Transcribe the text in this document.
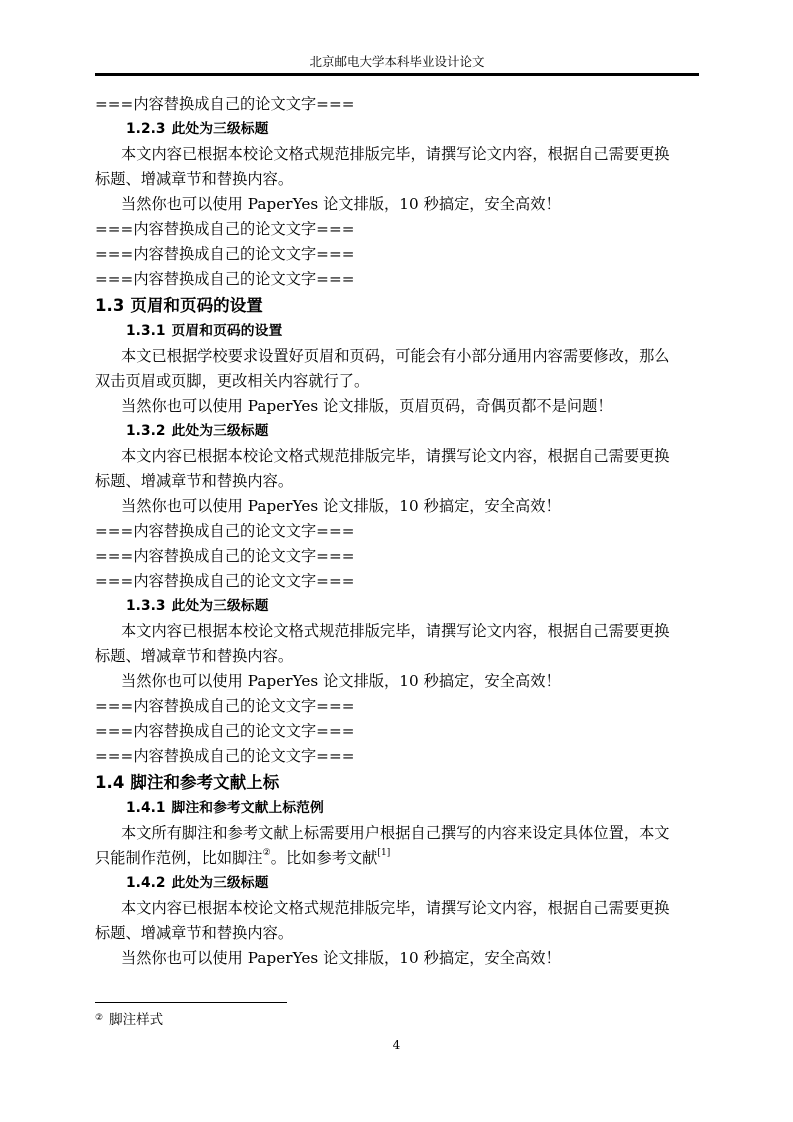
北京邮电大学本科毕业设计论文
===内容替换成自己的论文文字===
1.2.3 此处为三级标题
本文内容已根据本校论文格式规范排版完毕，请撰写论文内容，根据自己需要更换
标题、增减章节和替换内容。
当然你也可以使用 PaperYes 论文排版，10 秒搞定，安全高效！
===内容替换成自己的论文文字===
===内容替换成自己的论文文字===
===内容替换成自己的论文文字===
1.3 页眉和页码的设置
1.3.1 页眉和页码的设置
本文已根据学校要求设置好页眉和页码，可能会有小部分通用内容需要修改，那么
双击页眉或页脚，更改相关内容就行了。
当然你也可以使用 PaperYes 论文排版，页眉页码，奇偶页都不是问题！
1.3.2 此处为三级标题
本文内容已根据本校论文格式规范排版完毕，请撰写论文内容，根据自己需要更换
标题、增减章节和替换内容。
当然你也可以使用 PaperYes 论文排版，10 秒搞定，安全高效！
===内容替换成自己的论文文字===
===内容替换成自己的论文文字===
===内容替换成自己的论文文字===
1.3.3 此处为三级标题
本文内容已根据本校论文格式规范排版完毕，请撰写论文内容，根据自己需要更换
标题、增减章节和替换内容。
当然你也可以使用 PaperYes 论文排版，10 秒搞定，安全高效！
===内容替换成自己的论文文字===
===内容替换成自己的论文文字===
===内容替换成自己的论文文字===
1.4 脚注和参考文献上标
1.4.1 脚注和参考文献上标范例
本文所有脚注和参考文献上标需要用户根据自己撰写的内容来设定具体位置，本文
只能制作范例，比如脚注②。比如参考文献[1]
1.4.2 此处为三级标题
本文内容已根据本校论文格式规范排版完毕，请撰写论文内容，根据自己需要更换
标题、增减章节和替换内容。
当然你也可以使用 PaperYes 论文排版，10 秒搞定，安全高效！
② 脚注样式
4
